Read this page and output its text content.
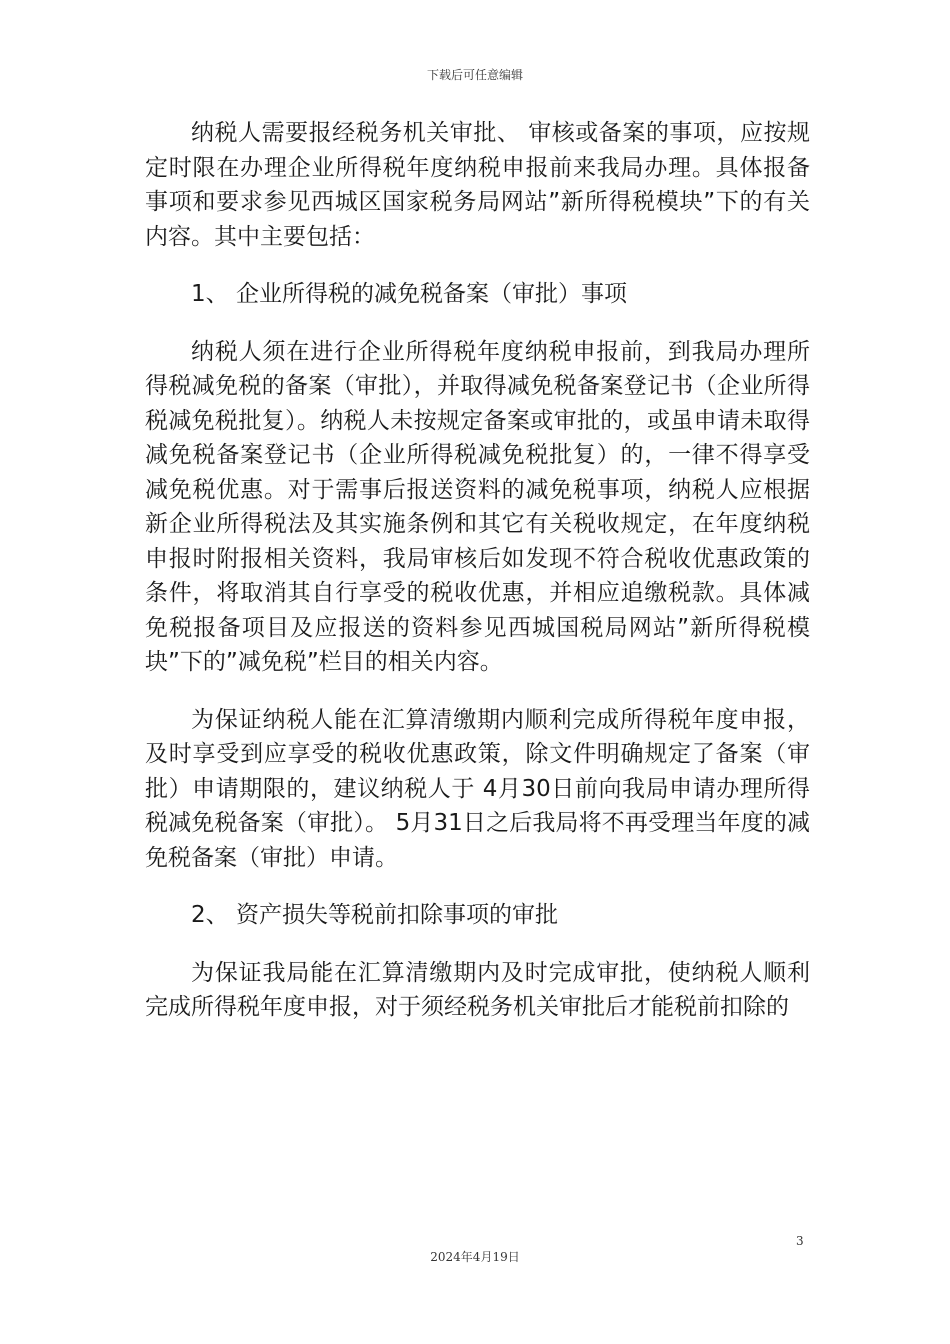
下载后可任意编辑

纳税人需要报经税务机关审批、 审核或备案的事项，应按规定时限在办理企业所得税年度纳税申报前来我局办理。具体报备事项和要求参见西城区国家税务局网站”新所得税模块”下的有关内容。其中主要包括：

1、 企业所得税的减免税备案（审批）事项

纳税人须在进行企业所得税年度纳税申报前，到我局办理所得税减免税的备案（审批），并取得减免税备案登记书（企业所得税减免税批复）。纳税人未按规定备案或审批的，或虽申请未取得减免税备案登记书（企业所得税减免税批复）的，一律不得享受减免税优惠。对于需事后报送资料的减免税事项，纳税人应根据新企业所得税法及其实施条例和其它有关税收规定，在年度纳税申报时附报相关资料，我局审核后如发现不符合税收优惠政策的条件，将取消其自行享受的税收优惠，并相应追缴税款。具体减免税报备项目及应报送的资料参见西城国税局网站”新所得税模块”下的”减免税”栏目的相关内容。

为保证纳税人能在汇算清缴期内顺利完成所得税年度申报，及时享受到应享受的税收优惠政策，除文件明确规定了备案（审批）申请期限的，建议纳税人于 4月30日前向我局申请办理所得税减免税备案（审批）。 5月31日之后我局将不再受理当年度的减免税备案（审批）申请。

2、 资产损失等税前扣除事项的审批

为保证我局能在汇算清缴期内及时完成审批，使纳税人顺利完成所得税年度申报，对于须经税务机关审批后才能税前扣除的

3
2024年4月19日
